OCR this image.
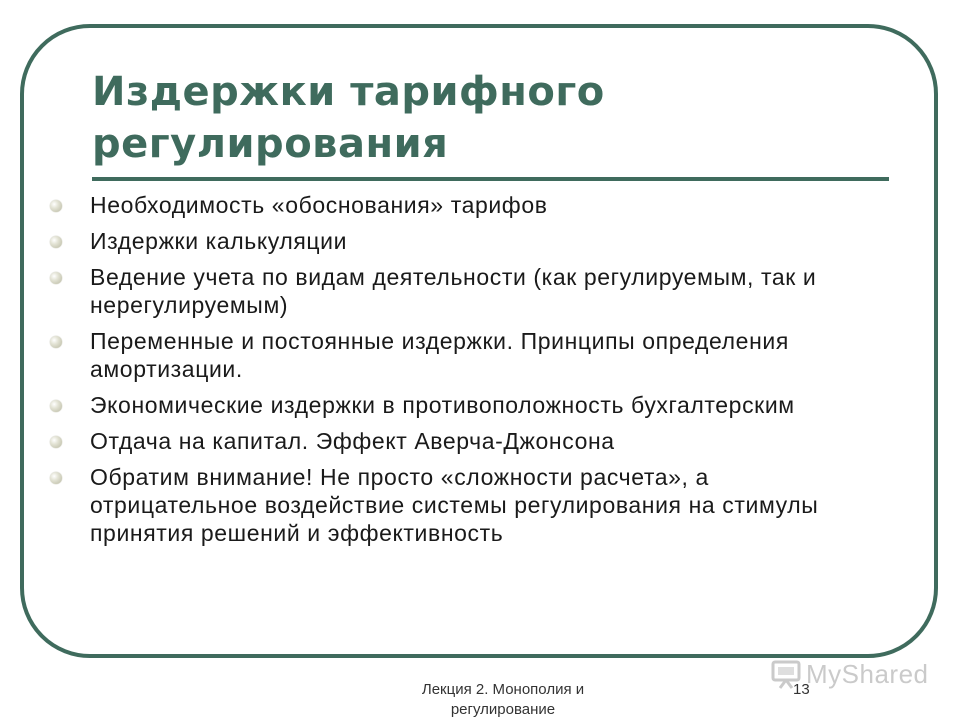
Издержки тарифного регулирования
Необходимость «обоснования» тарифов
Издержки калькуляции
Ведение учета по видам деятельности (как регулируемым, так и нерегулируемым)
Переменные и постоянные издержки. Принципы определения амортизации.
Экономические издержки в противоположность бухгалтерским
Отдача на капитал. Эффект Аверча-Джонсона
Обратим внимание! Не просто «сложности расчета», а отрицательное воздействие системы регулирования на стимулы принятия решений и эффективность
Лекция 2. Монополия и регулирование
13
MyShared
